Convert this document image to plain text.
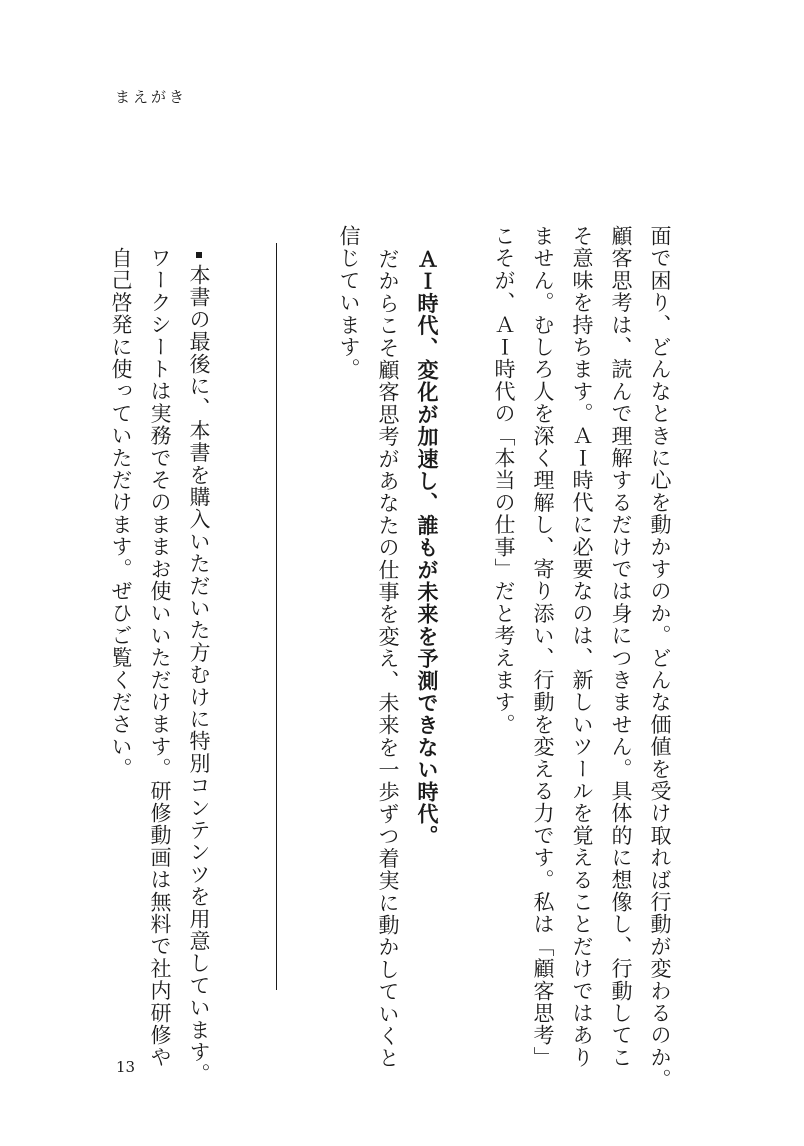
まえがき
面で困り、どんなときに心を動かすのか。どんな価値を受け取れば行動が変わるのか。
顧客思考は、読んで理解するだけでは身につきません。具体的に想像し、行動してこ
そ意味を持ちます。ＡＩ時代に必要なのは、新しいツールを覚えることだけではあり
ません。むしろ人を深く理解し、寄り添い、行動を変える力です。私は「顧客思考」
こそが、ＡＩ時代の「本当の仕事」だと考えます。
ＡＩ時代、変化が加速し、誰もが未来を予測できない時代。
だからこそ顧客思考があなたの仕事を変え、未来を一歩ずつ着実に動かしていくと
信じています。
本書の最後に、本書を購入いただいた方むけに特別コンテンツを用意しています。
ワークシートは実務でそのままお使いいただけます。研修動画は無料で社内研修や
自己啓発に使っていただけます。ぜひご覧ください。
13
